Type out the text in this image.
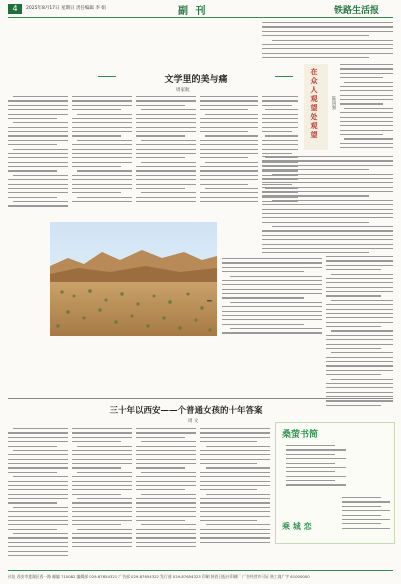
4	2025年8月17日 星期日 责任编辑 李 娟	副 刊	铁路生活报
文学里的美与痛
周家航	在众人观望处观望	陈国强
▌
三十年以西安——个普通女孩的十年答案
周 文
桑萤书简
乘 城 恋
社址 西安市莲湖区西一路 邮编 710082 编辑部 029-87654321 广告部 029-87654322 发行部 029-87654323 印刷 陕西日报社印刷厂 广告经营许可证 陕工商广字 61000000
